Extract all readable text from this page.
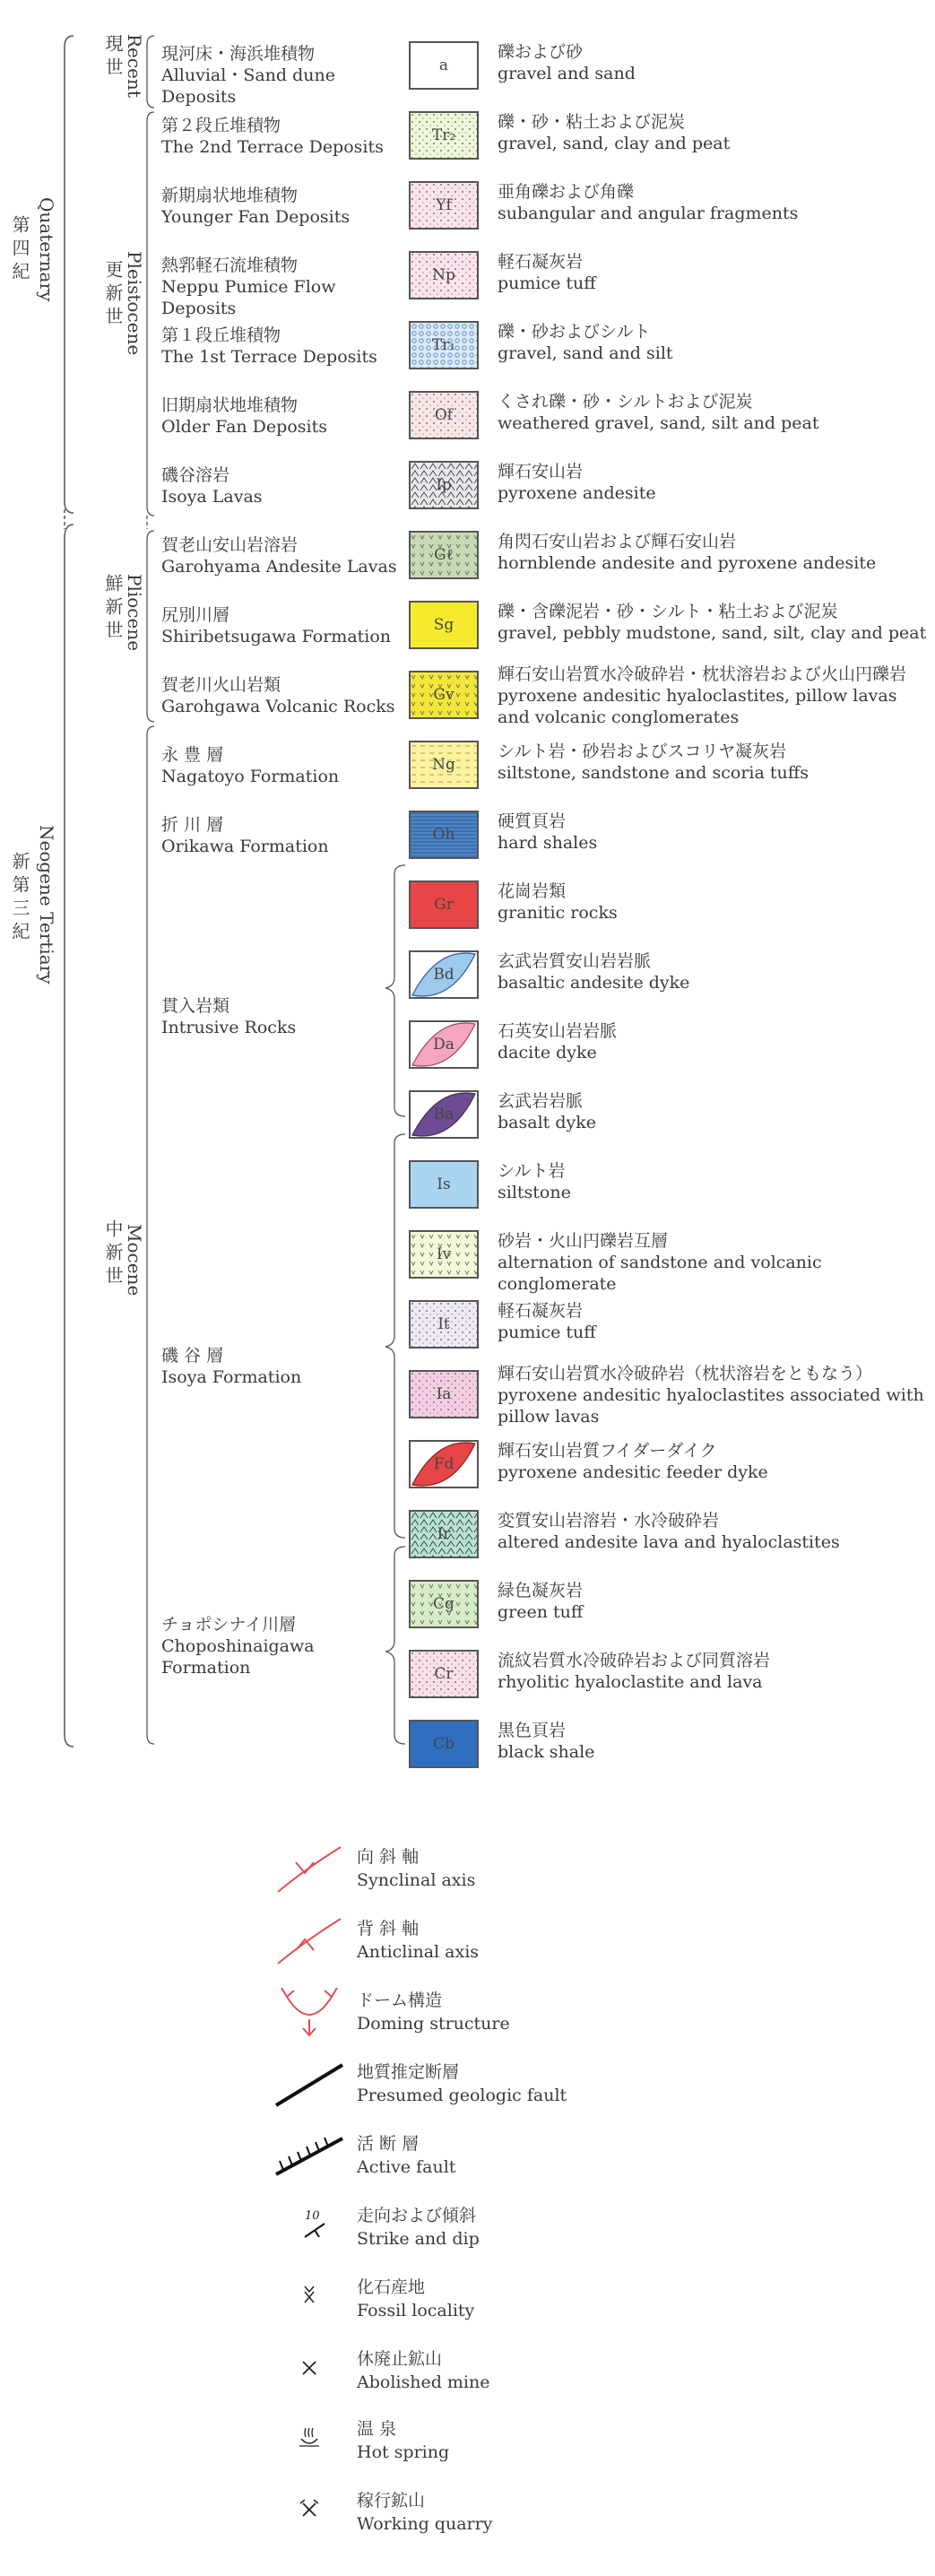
第四紀 Quaternary
新第三紀 Neogene Tertiary
現世 Recent
更新世 Pleistocene
鮮新世 Pliocene
中新世 Mocene
現河床・海浜堆積物
Alluvial・Sand dune Deposits
第２段丘堆積物
The 2nd Terrace Deposits
新期扇状地堆積物
Younger Fan Deposits
熱郛軽石流堆積物
Neppu Pumice Flow Deposits
第１段丘堆積物
The 1st Terrace Deposits
旧期扇状地堆積物
Older Fan Deposits
磯谷溶岩
Isoya Lavas
賀老山安山岩溶岩
Garohyama Andesite Lavas
尻別川層
Shiribetsugawa Formation
賀老川火山岩類
Garohgawa Volcanic Rocks
永 豊 層
Nagatoyo Formation
折 川 層
Orikawa Formation
貫入岩類
Intrusive Rocks
磯 谷 層
Isoya Formation
チョポシナイ川層
Choposhinaigawa Formation
a
Tr₂
Yf
Np
Tr₁
Of
Ip
Gℓ
Sg
Gv
Ng
Oh
Gr
Bd
Da
Ba
Is
Iv
It
Ia
Fd
Ir
Cg
Cr
Cb
礫および砂
gravel and sand
礫・砂・粘土および泥炭
gravel, sand, clay and peat
亜角礫および角礫
subangular and angular fragments
軽石凝灰岩
pumice tuff
礫・砂およびシルト
gravel, sand and silt
くされ礫・砂・シルトおよび泥炭
weathered gravel, sand, silt and peat
輝石安山岩
pyroxene andesite
角閃石安山岩および輝石安山岩
hornblende andesite and pyroxene andesite
礫・含礫泥岩・砂・シルト・粘土および泥炭
gravel, pebbly mudstone, sand, silt, clay and peat
輝石安山岩質水冷破砕岩・枕状溶岩および火山円礫岩
pyroxene andesitic hyaloclastites, pillow lavas and volcanic conglomerates
シルト岩・砂岩およびスコリヤ凝灰岩
siltstone, sandstone and scoria tuffs
硬質頁岩
hard shales
花崗岩類
granitic rocks
玄武岩質安山岩岩脈
basaltic andesite dyke
石英安山岩岩脈
dacite dyke
玄武岩岩脈
basalt dyke
シルト岩
siltstone
砂岩・火山円礫岩互層
alternation of sandstone and volcanic conglomerate
軽石凝灰岩
pumice tuff
輝石安山岩質水冷破砕岩（枕状溶岩をともなう）
pyroxene andesitic hyaloclastites associated with pillow lavas
輝石安山岩質フイダーダイク
pyroxene andesitic feeder dyke
変質安山岩溶岩・水冷破砕岩
altered andesite lava and hyaloclastites
緑色凝灰岩
green tuff
流紋岩質水冷破砕岩および同質溶岩
rhyolitic hyaloclastite and lava
黒色頁岩
black shale
向 斜 軸
Synclinal axis
背 斜 軸
Anticlinal axis
ドーム構造
Doming structure
地質推定断層
Presumed geologic fault
活 断 層
Active fault
10 走向および傾斜
Strike and dip
化石産地
Fossil locality
休廃止鉱山
Abolished mine
温 泉
Hot spring
稼行鉱山
Working quarry
